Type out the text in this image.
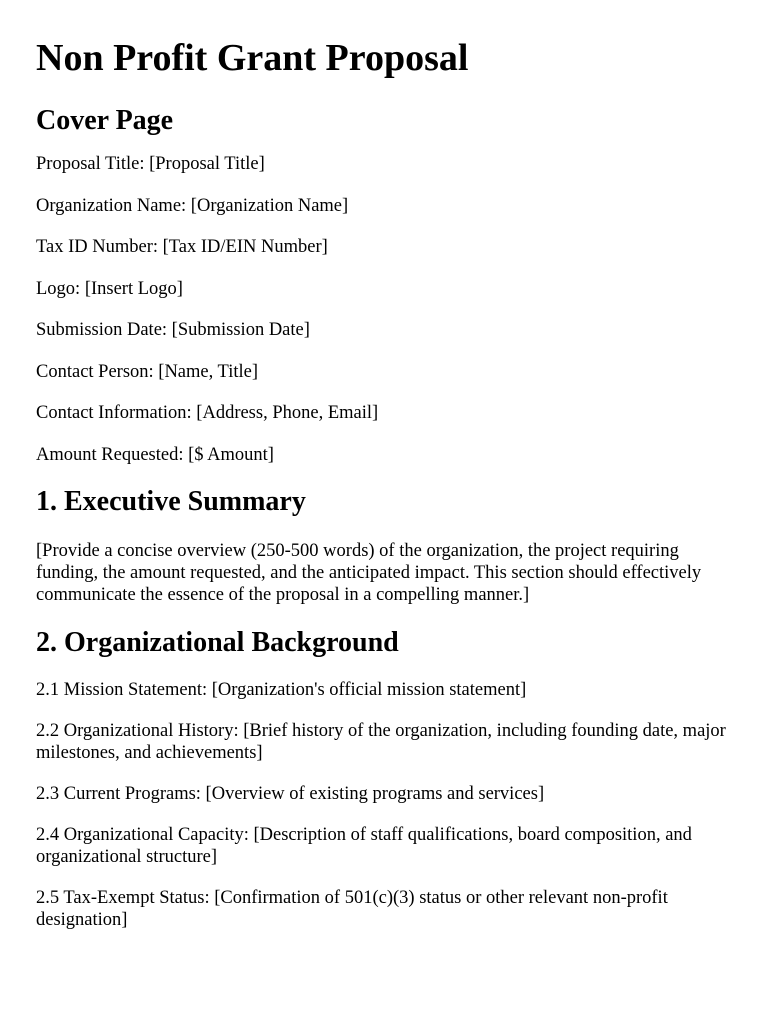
Non Profit Grant Proposal
Cover Page

Proposal Title: [Proposal Title]

Organization Name: [Organization Name]

Tax ID Number: [Tax ID/EIN Number]

Logo: [Insert Logo]

Submission Date: [Submission Date]

Contact Person: [Name, Title]

Contact Information: [Address, Phone, Email]

Amount Requested: [$ Amount]

1. Executive Summary

[Provide a concise overview (250-500 words) of the organization, the project requiring funding, the amount requested, and the anticipated impact. This section should effectively communicate the essence of the proposal in a compelling manner.]

2. Organizational Background

2.1 Mission Statement: [Organization's official mission statement]

2.2 Organizational History: [Brief history of the organization, including founding date, major milestones, and achievements]

2.3 Current Programs: [Overview of existing programs and services]

2.4 Organizational Capacity: [Description of staff qualifications, board composition, and organizational structure]

2.5 Tax-Exempt Status: [Confirmation of 501(c)(3) status or other relevant non-profit designation]
